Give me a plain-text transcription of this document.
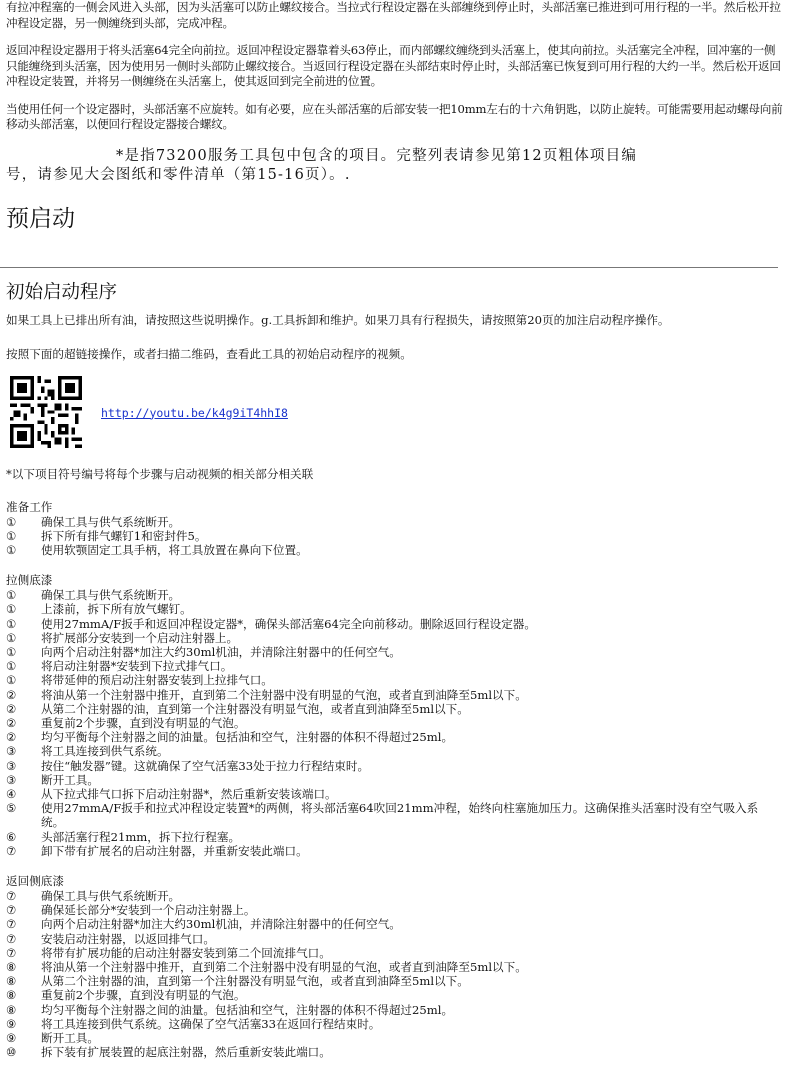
有拉冲程塞的一侧会风进入头部，因为头活塞可以防止螺纹接合。当拉式行程设定器在头部缠绕到停止时，头部活塞已推进到可用行程的一半。然后松开拉冲程设定器，另一侧缠绕到头部，完成冲程。

返回冲程设定器用于将头活塞64完全向前拉。返回冲程设定器靠着头63停止，而内部螺纹缠绕到头活塞上，使其向前拉。头活塞完全冲程，回冲塞的一侧只能缠绕到头活塞，因为使用另一侧时头部防止螺纹接合。当返回行程设定器在头部结束时停止时，头部活塞已恢复到可用行程的大约一半。然后松开返回冲程设定装置，并将另一侧缠绕在头活塞上，使其返回到完全前进的位置。

当使用任何一个设定器时，头部活塞不应旋转。如有必要，应在头部活塞的后部安装一把10mm左右的十六角钥匙，以防止旋转。可能需要用起动螺母向前移动头部活塞，以便回行程设定器接合螺纹。

*是指73200服务工具包中包含的项目。完整列表请参见第12页粗体项目编
号，请参见大会图纸和零件清单（第15-16页）。.
预启动
初始启动程序
如果工具上已排出所有油，请按照这些说明操作。g.工具拆卸和维护。如果刀具有行程损失，请按照第20页的加注启动程序操作。
按照下面的超链接操作，或者扫描二维码，查看此工具的初始启动程序的视频。
http://youtu.be/k4g9iT4hhI8
*以下项目符号编号将每个步骤与启动视频的相关部分相关联
准备工作
①	确保工具与供气系统断开。
①	拆下所有排气螺钉1和密封件5。
①	使用软颚固定工具手柄，将工具放置在鼻向下位置。
拉侧底漆
①	确保工具与供气系统断开。
①	上漆前，拆下所有放气螺钉。
①	使用27mmA/F扳手和返回冲程设定器*，确保头部活塞64完全向前移动。删除返回行程设定器。
①	将扩展部分安装到一个启动注射器上。
①	向两个启动注射器*加注大约30ml机油，并清除注射器中的任何空气。
①	将启动注射器*安装到下拉式排气口。
①	将带延伸的预启动注射器安装到上拉排气口。
②	将油从第一个注射器中推开，直到第二个注射器中没有明显的气泡，或者直到油降至5ml以下。
②	从第二个注射器的油，直到第一个注射器没有明显气泡，或者直到油降至5ml以下。
②	重复前2个步骤，直到没有明显的气泡。
②	均匀平衡每个注射器之间的油量。包括油和空气，注射器的体积不得超过25ml。
③	将工具连接到供气系统。
③	按住“触发器”键。这就确保了空气活塞33处于拉力行程结束时。
③	断开工具。
④	从下拉式排气口拆下启动注射器*，然后重新安装该端口。
⑤	使用27mmA/F扳手和拉式冲程设定装置*的两侧，将头部活塞64吹回21mm冲程，始终向柱塞施加压力。这确保推头活塞时没有空气吸入系统。
⑥	头部活塞行程21mm，拆下拉行程塞。
⑦	卸下带有扩展名的启动注射器，并重新安装此端口。
返回侧底漆
⑦	确保工具与供气系统断开。
⑦	确保延长部分*安装到一个启动注射器上。
⑦	向两个启动注射器*加注大约30ml机油，并清除注射器中的任何空气。
⑦	安装启动注射器，以返回排气口。
⑦	将带有扩展功能的启动注射器安装到第二个回流排气口。
⑧	将油从第一个注射器中推开，直到第二个注射器中没有明显的气泡，或者直到油降至5ml以下。
⑧	从第二个注射器的油，直到第一个注射器没有明显气泡，或者直到油降至5ml以下。
⑧	重复前2个步骤，直到没有明显的气泡。
⑧	均匀平衡每个注射器之间的油量。包括油和空气，注射器的体积不得超过25ml。
⑨	将工具连接到供气系统。这确保了空气活塞33在返回行程结束时。
⑨	断开工具。
⑩	拆下装有扩展装置的起底注射器，然后重新安装此端口。
